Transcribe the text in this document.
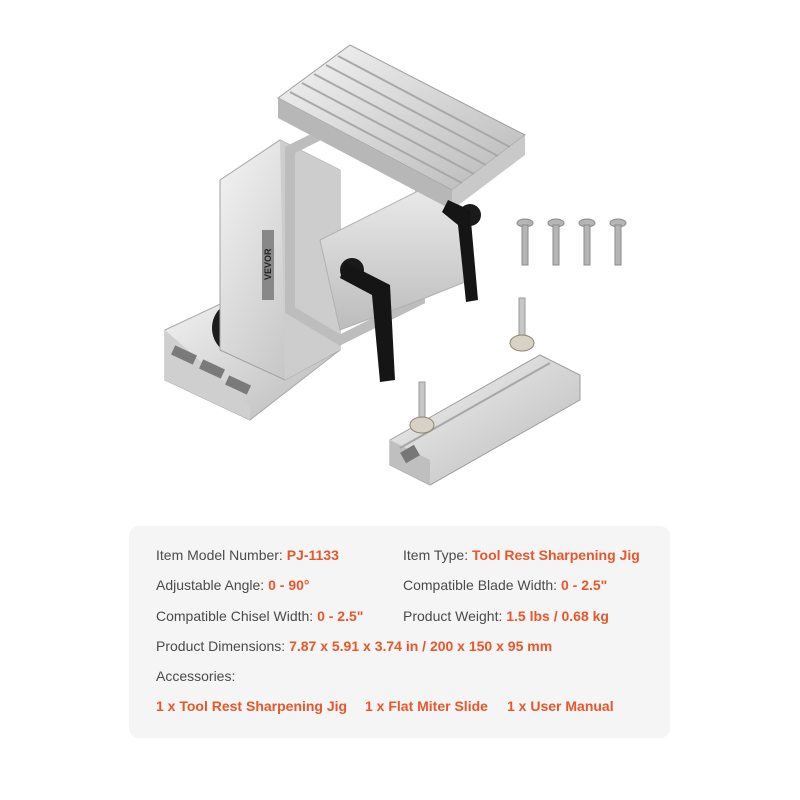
VEVOR
Item Model Number: PJ-1133	Item Type: Tool Rest Sharpening Jig
Adjustable Angle: 0 - 90°	Compatible Blade Width: 0 - 2.5"
Compatible Chisel Width: 0 - 2.5"	Product Weight: 1.5 lbs / 0.68 kg
Product Dimensions: 7.87 x 5.91 x 3.74 in / 200 x 150 x 95 mm
Accessories:
1 x Tool Rest Sharpening Jig 1 x Flat Miter Slide 1 x User Manual
